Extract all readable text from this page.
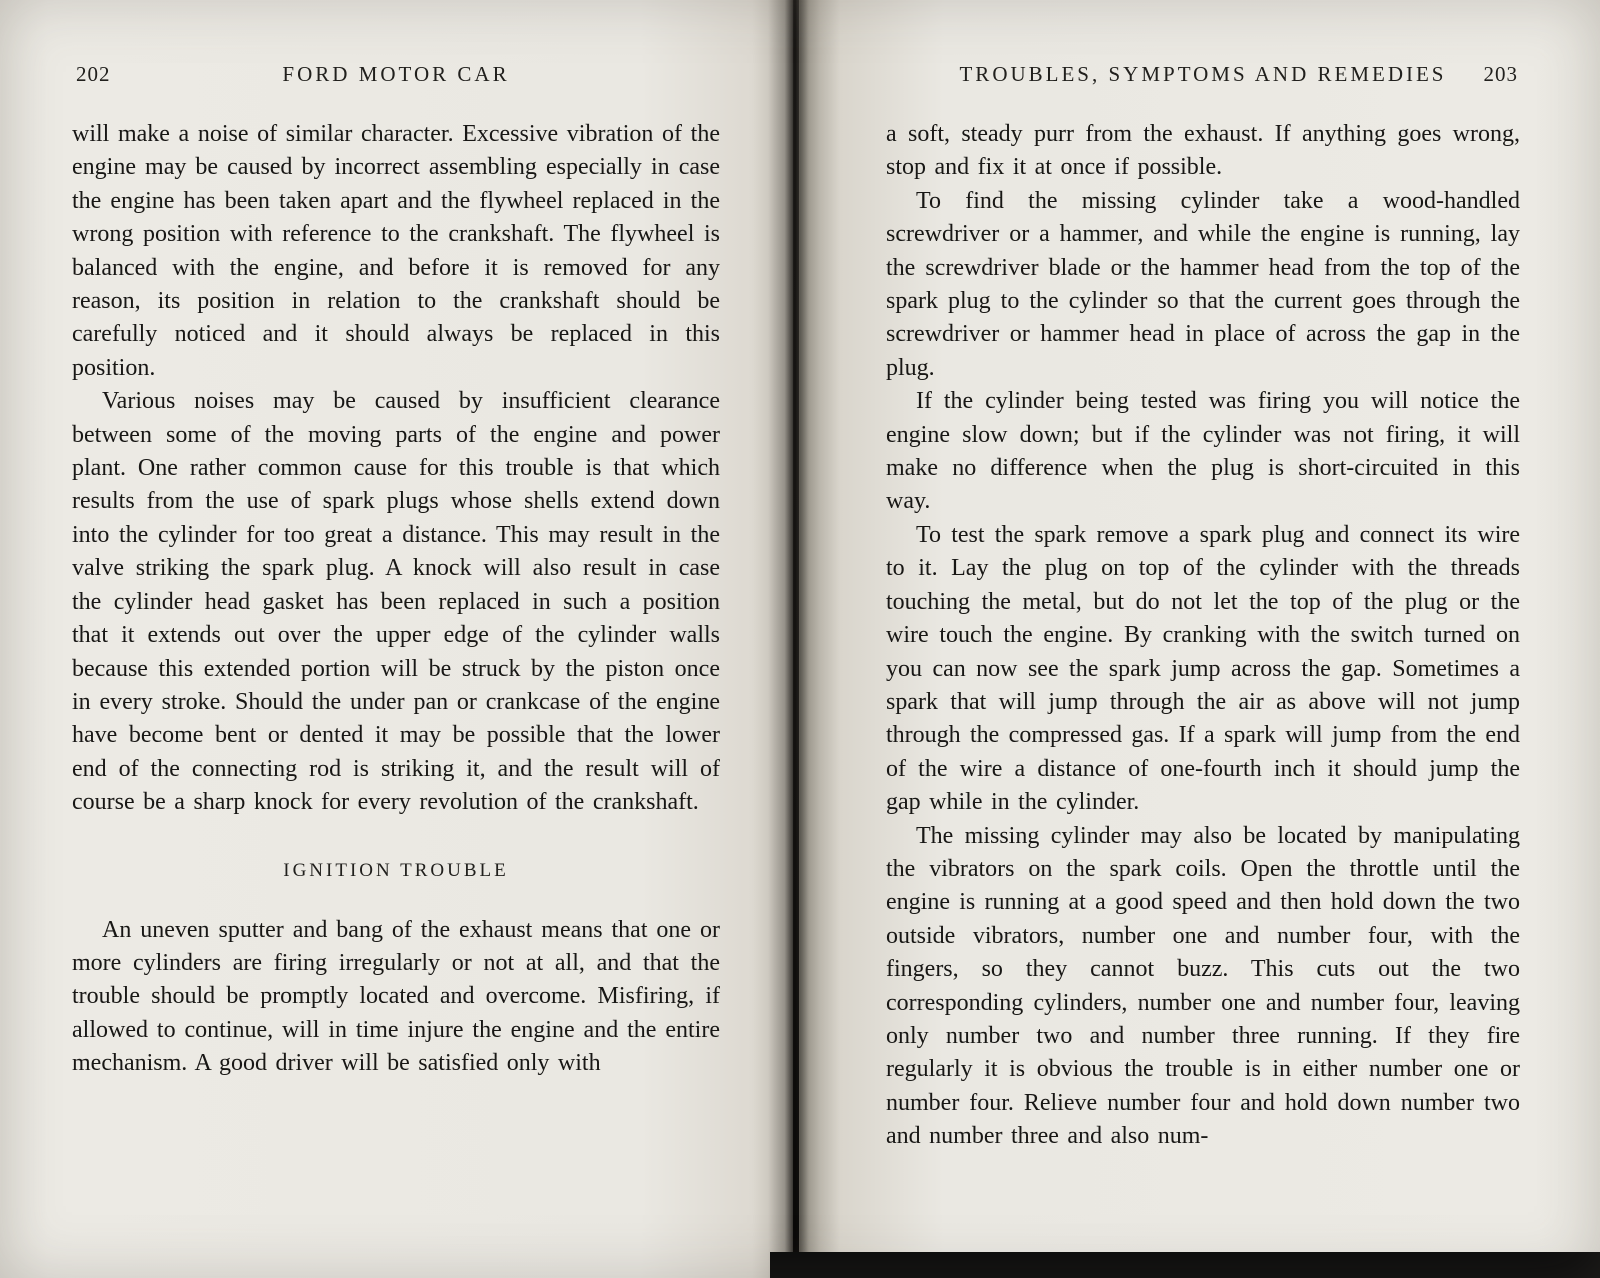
202	FORD MOTOR CAR

will make a noise of similar character. Excessive vibration of the engine may be caused by incorrect assembling especially in case the engine has been taken apart and the flywheel replaced in the wrong position with reference to the crankshaft. The flywheel is balanced with the engine, and before it is removed for any reason, its position in relation to the crankshaft should be carefully noticed and it should always be replaced in this position.

Various noises may be caused by insufficient clearance between some of the moving parts of the engine and power plant. One rather common cause for this trouble is that which results from the use of spark plugs whose shells extend down into the cylinder for too great a distance. This may result in the valve striking the spark plug. A knock will also result in case the cylinder head gasket has been replaced in such a position that it extends out over the upper edge of the cylinder walls because this extended portion will be struck by the piston once in every stroke. Should the under pan or crankcase of the engine have become bent or dented it may be possible that the lower end of the connecting rod is striking it, and the result will of course be a sharp knock for every revolution of the crankshaft.

IGNITION TROUBLE

An uneven sputter and bang of the exhaust means that one or more cylinders are firing irregularly or not at all, and that the trouble should be promptly located and overcome. Misfiring, if allowed to continue, will in time injure the engine and the entire mechanism. A good driver will be satisfied only with

TROUBLES, SYMPTOMS AND REMEDIES	203

a soft, steady purr from the exhaust. If anything goes wrong, stop and fix it at once if possible.

To find the missing cylinder take a wood-handled screwdriver or a hammer, and while the engine is running, lay the screwdriver blade or the hammer head from the top of the spark plug to the cylinder so that the current goes through the screwdriver or hammer head in place of across the gap in the plug.

If the cylinder being tested was firing you will notice the engine slow down; but if the cylinder was not firing, it will make no difference when the plug is short-circuited in this way.

To test the spark remove a spark plug and connect its wire to it. Lay the plug on top of the cylinder with the threads touching the metal, but do not let the top of the plug or the wire touch the engine. By cranking with the switch turned on you can now see the spark jump across the gap. Sometimes a spark that will jump through the air as above will not jump through the compressed gas. If a spark will jump from the end of the wire a distance of one-fourth inch it should jump the gap while in the cylinder.

The missing cylinder may also be located by manipulating the vibrators on the spark coils. Open the throttle until the engine is running at a good speed and then hold down the two outside vibrators, number one and number four, with the fingers, so they cannot buzz. This cuts out the two corresponding cylinders, number one and number four, leaving only number two and number three running. If they fire regularly it is obvious the trouble is in either number one or number four. Relieve number four and hold down number two and number three and also num-
